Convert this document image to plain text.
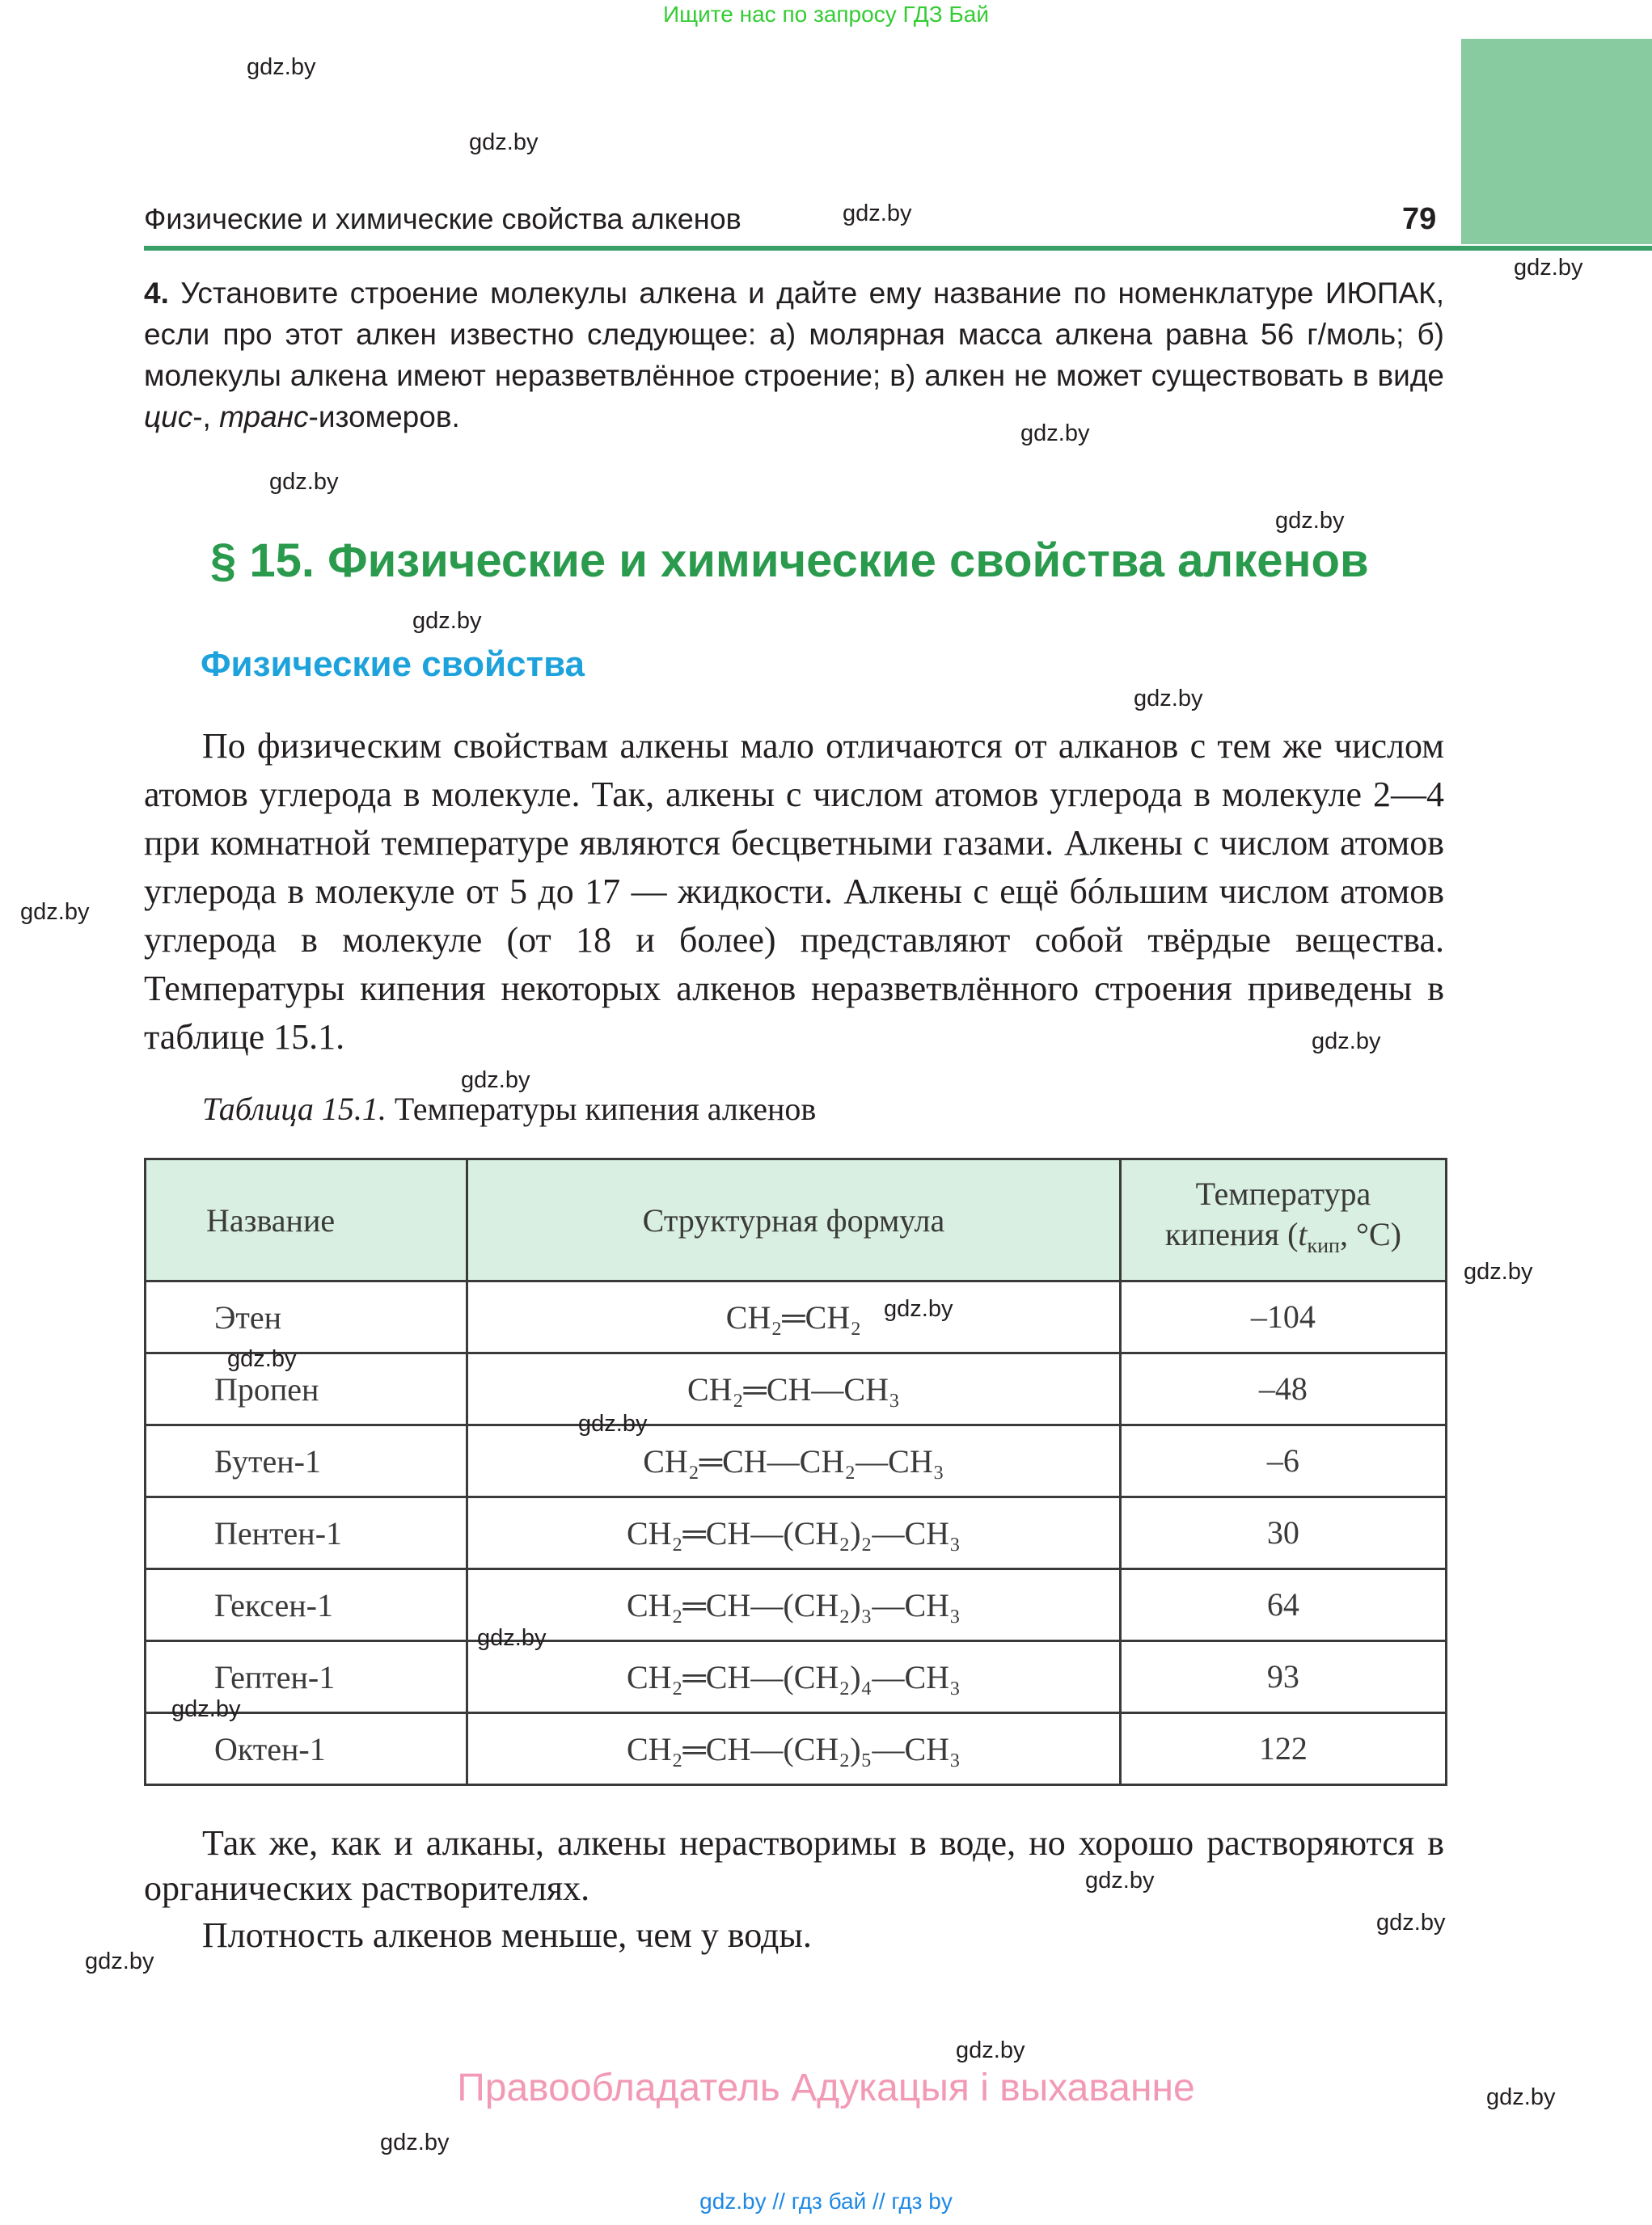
Ищите нас по запросу ГДЗ Бай
Физические и химические свойства алкенов	79
4. Установите строение молекулы алкена и дайте ему название по номенклатуре ИЮПАК, если про этот алкен известно следующее: а) молярная масса алкена равна 56 г/моль; б) молекулы алкена имеют неразветвлённое строение; в) алкен не может существовать в виде цис-, транс-изомеров.
§ 15. Физические и химические свойства алкенов
Физические свойства
По физическим свойствам алкены мало отличаются от алканов с тем же числом атомов углерода в молекуле. Так, алкены с числом атомов углерода в молекуле 2—4 при комнатной температуре являются бесцветными газами. Алкены с числом атомов углерода в молекуле от 5 до 17 — жидкости. Алкены с ещё бóльшим числом атомов углерода в молекуле (от 18 и более) представляют собой твёрдые вещества. Температуры кипения некоторых алкенов неразветвлённого строения приведены в таблице 15.1.
Таблица 15.1. Температуры кипения алкенов
Название	Структурная формула	Температура
кипения ($t_{кип}$, °C)
Этен	CH₂═CH₂	–104
Пропен	CH₂═CH—CH₃	–48
Бутен-1	CH₂═CH—CH₂—CH₃	–6
Пентен-1	CH₂═CH—(CH₂)₂—CH₃	30
Гексен-1	CH₂═CH—(CH₂)₃—CH₃	64
Гептен-1	CH₂═CH—(CH₂)₄—CH₃	93
Октен-1	CH₂═CH—(CH₂)₅—CH₃	122
Так же, как и алканы, алкены нерастворимы в воде, но хорошо растворяются в органических растворителях.
Плотность алкенов меньше, чем у воды.
Правообладатель Адукацыя і выхаванне
gdz.by // гдз бай // гдз by
gdz.by
gdz.by
gdz.by
gdz.by
gdz.by
gdz.by
gdz.by
gdz.by
gdz.by
gdz.by
gdz.by
gdz.by
gdz.by
gdz.by
gdz.by
gdz.by
gdz.by
gdz.by
gdz.by
gdz.by
gdz.by
gdz.by
gdz.by
gdz.by
